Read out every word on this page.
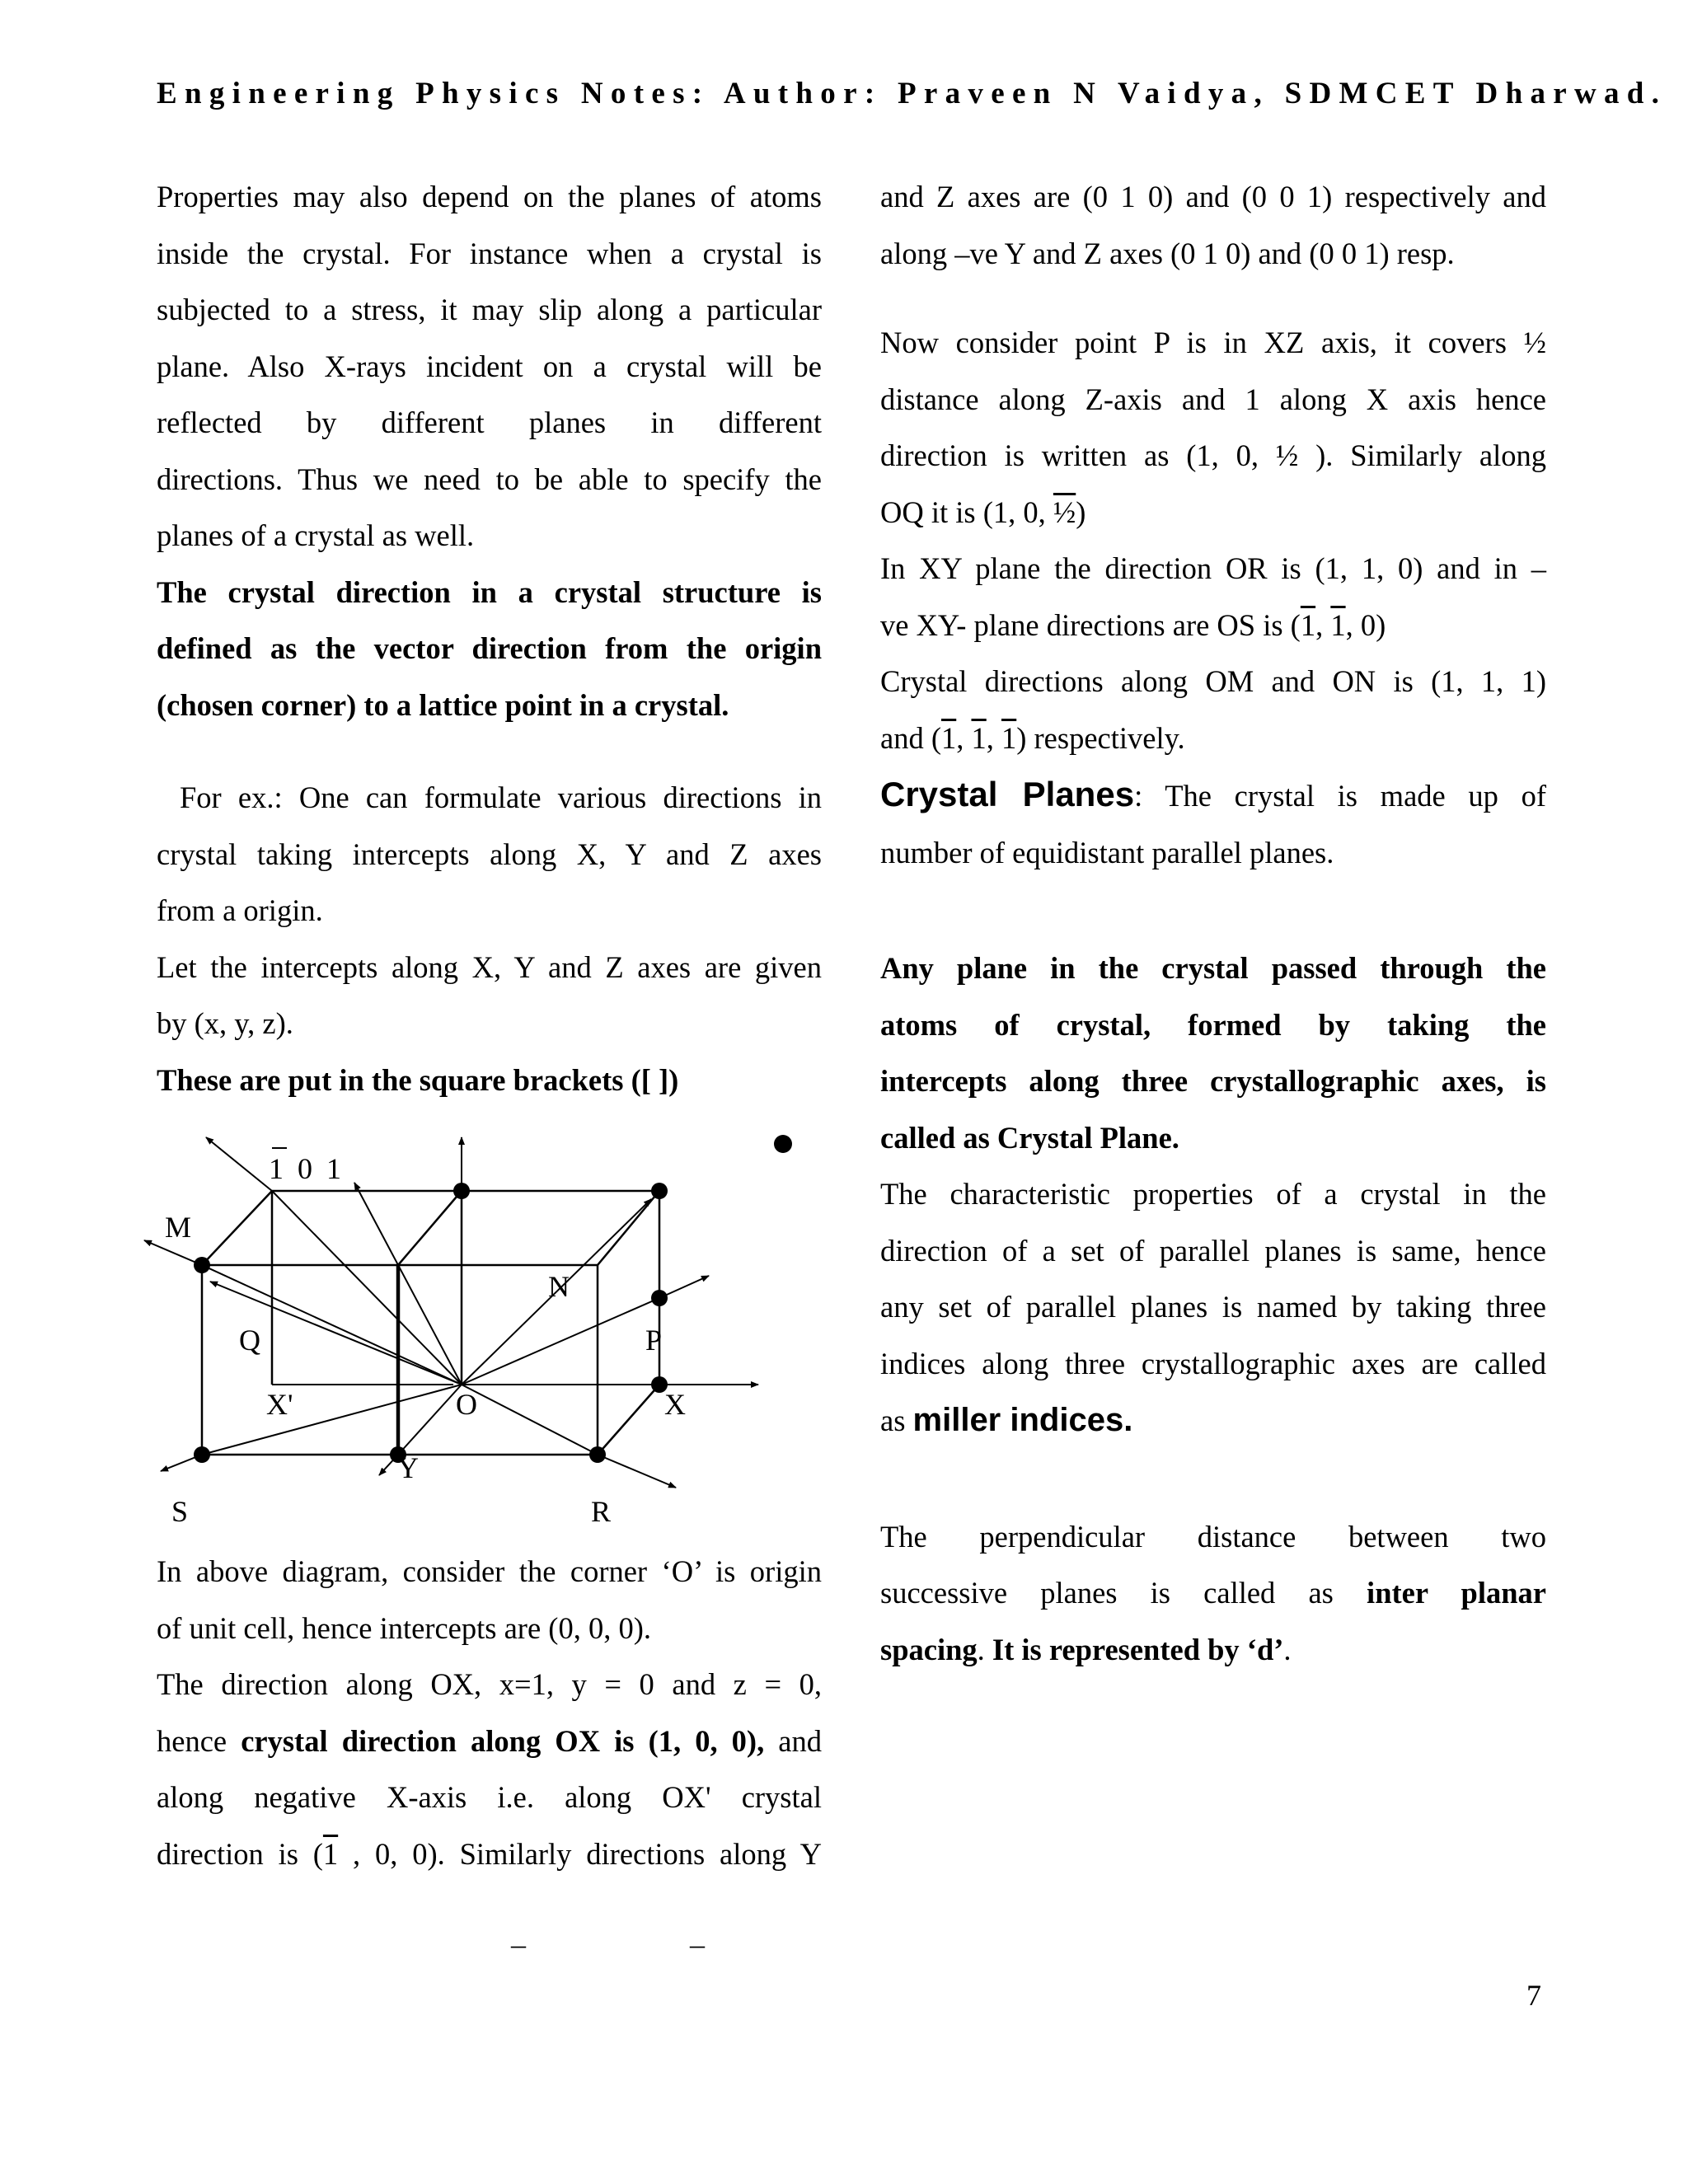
Engineering Physics Notes: Author: Praveen N Vaidya, SDMCET Dharwad.

Properties may also depend on the planes of atoms

inside the crystal. For instance when a crystal is

subjected to a stress, it may slip along a particular

plane. Also X-rays incident on a crystal will be

reflected by different planes in different

directions. Thus we need to be able to specify the

planes of a crystal as well.

The crystal direction in a crystal structure is

defined as the vector direction from the origin

(chosen corner) to a lattice point in a crystal.

For ex.: One can formulate various directions in

crystal taking intercepts along X, Y and Z axes

from a origin.

Let the intercepts along X, Y and Z axes are given

by (x, y, z).

These are put in the square brackets ([ ])

1 0 1
M
N
Q	P
X'	O	X
Y
S	R

In above diagram, consider the corner ‘O’ is origin

of unit cell, hence intercepts are (0, 0, 0).

The direction along OX, x=1, y = 0 and z = 0,

hence crystal direction along OX is (1, 0, 0), and

along negative X-axis i.e. along OX' crystal

direction is (1 , 0, 0). Similarly directions along Y

and Z axes are (0 1 0) and (0 0 1) respectively and

along –ve Y and Z axes (0 1 0) and (0 0 1) resp.

Now consider point P is in XZ axis, it covers ½

distance along Z-axis and 1 along X axis hence

direction is written as (1, 0, ½ ). Similarly along

OQ it is (1, 0, ½)

In XY plane the direction OR is (1, 1, 0) and in –

ve XY- plane directions are OS is (1, 1, 0)

Crystal directions along OM and ON is (1, 1, 1)

and (1, 1, 1) respectively.

Crystal Planes: The crystal is made up of

number of equidistant parallel planes.

Any plane in the crystal passed through the

atoms of crystal, formed by taking the

intercepts along three crystallographic axes, is

called as Crystal Plane.

The characteristic properties of a crystal in the

direction of a set of parallel planes is same, hence

any set of parallel planes is named by taking three

indices along three crystallographic axes are called

as miller indices.

The perpendicular distance between two

successive planes is called as inter planar

spacing. It is represented by ‘d’.

–	–
7
